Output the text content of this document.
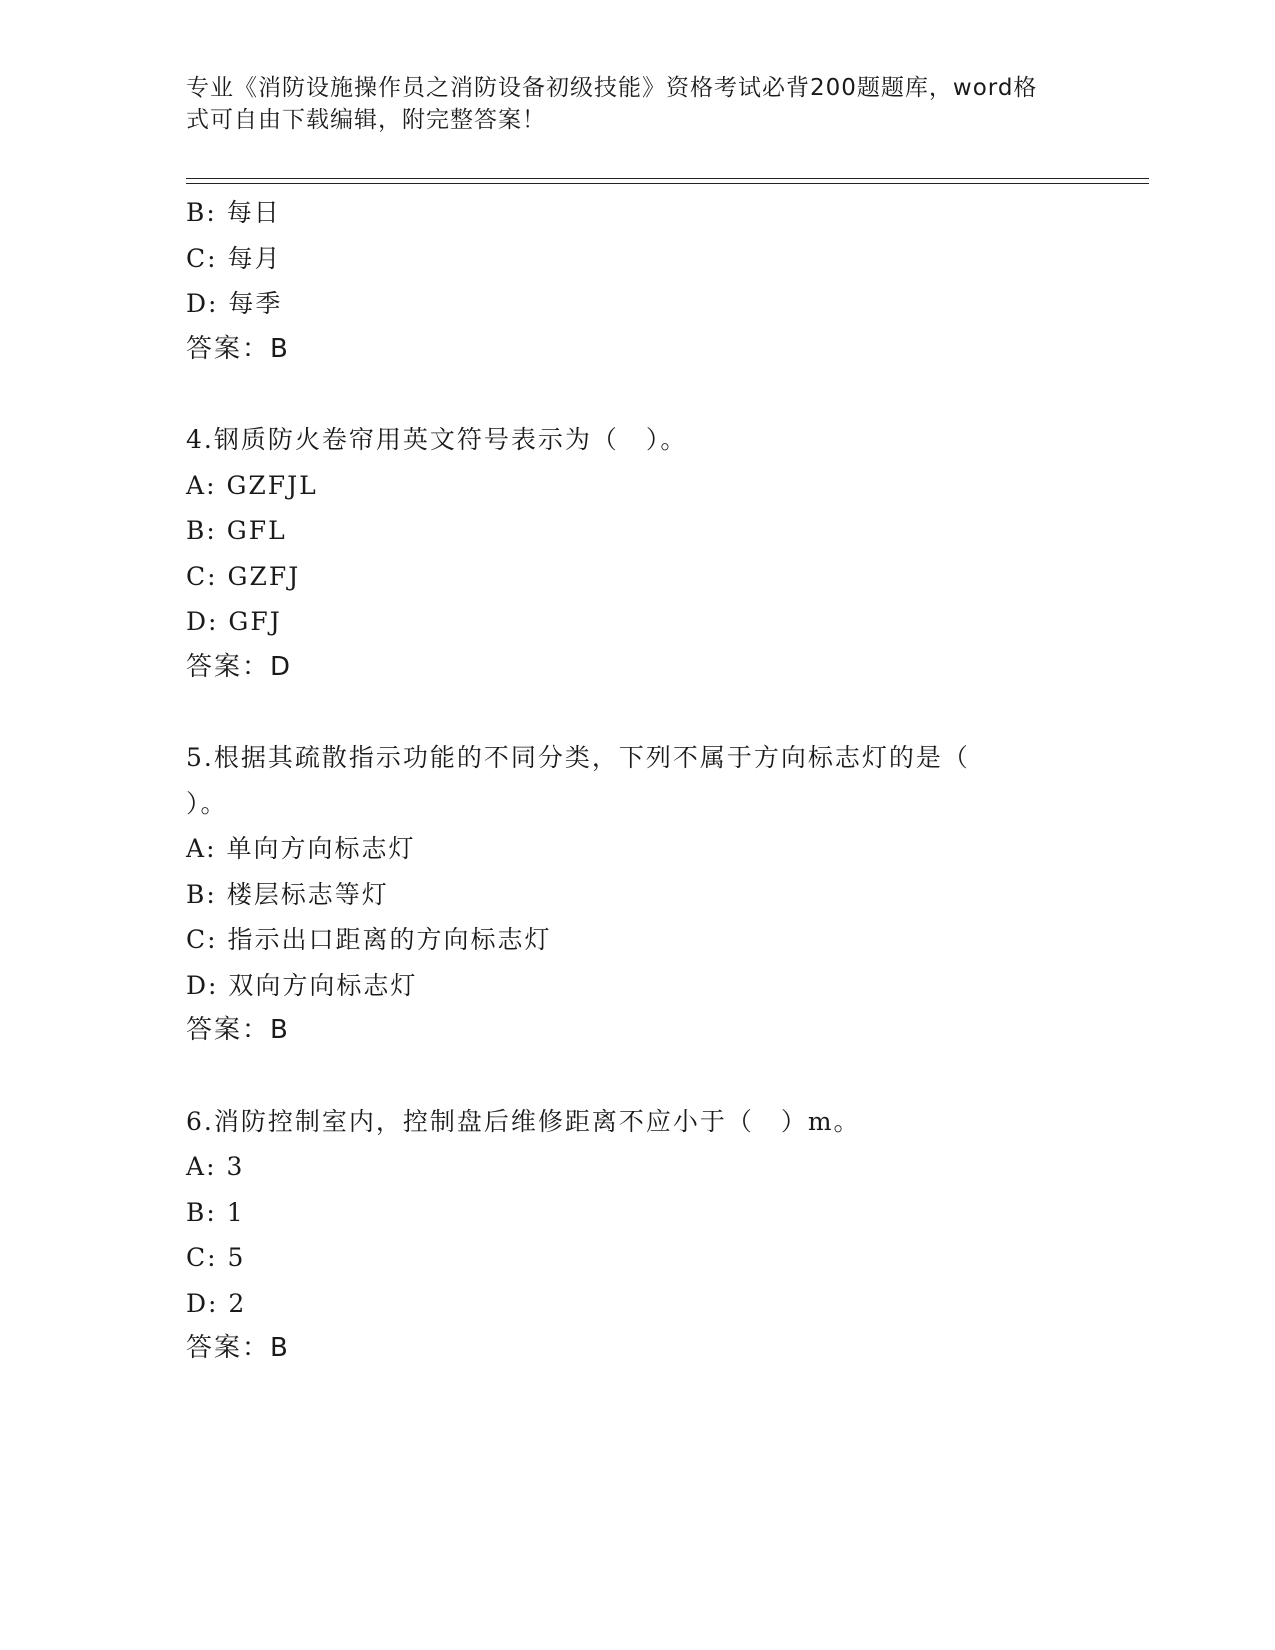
专业《消防设施操作员之消防设备初级技能》资格考试必背200题题库，word格
式可自由下载编辑，附完整答案！
B: 每日
C: 每月
D: 每季
答案：B
4.钢质防火卷帘用英文符号表示为（　）。
A: GZFJL
B: GFL
C: GZFJ
D: GFJ
答案：D
5.根据其疏散指示功能的不同分类，下列不属于方向标志灯的是（
）。
A: 单向方向标志灯
B: 楼层标志等灯
C: 指示出口距离的方向标志灯
D: 双向方向标志灯
答案：B
6.消防控制室内，控制盘后维修距离不应小于（　）m。
A: 3
B: 1
C: 5
D: 2
答案：B
